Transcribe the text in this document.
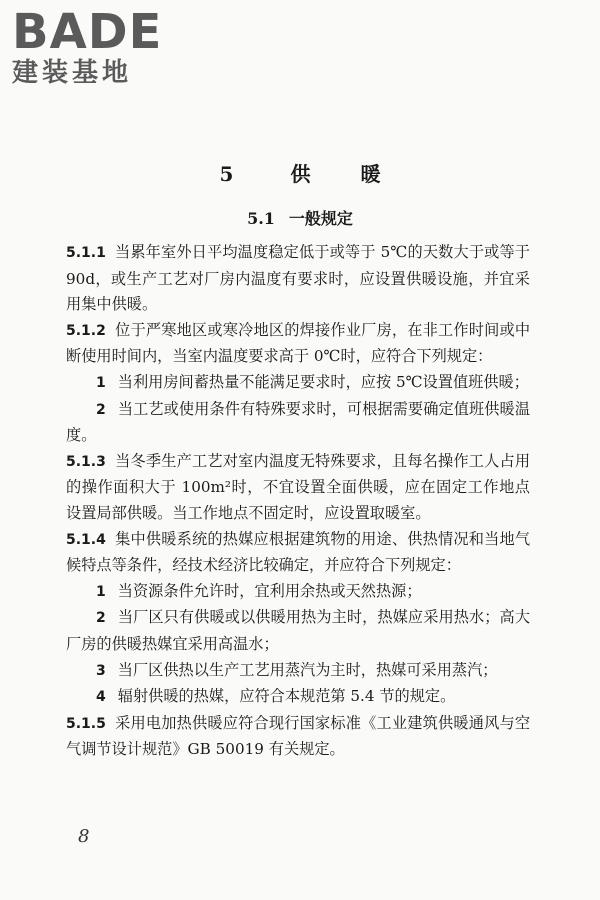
BADE
建装基地
5	供	暖
5.1 一般规定

5.1.1 当累年室外日平均温度稳定低于或等于 5℃的天数大于或等于 90d，或生产工艺对厂房内温度有要求时，应设置供暖设施，并宜采用集中供暖。

5.1.2 位于严寒地区或寒冷地区的焊接作业厂房，在非工作时间或中断使用时间内，当室内温度要求高于 0℃时，应符合下列规定：

1 当利用房间蓄热量不能满足要求时，应按 5℃设置值班供暖；

2 当工艺或使用条件有特殊要求时，可根据需要确定值班供暖温度。

5.1.3 当冬季生产工艺对室内温度无特殊要求，且每名操作工人占用的操作面积大于 100m²时，不宜设置全面供暖，应在固定工作地点设置局部供暖。当工作地点不固定时，应设置取暖室。

5.1.4 集中供暖系统的热媒应根据建筑物的用途、供热情况和当地气候特点等条件，经技术经济比较确定，并应符合下列规定：

1 当资源条件允许时，宜利用余热或天然热源；

2 当厂区只有供暖或以供暖用热为主时，热媒应采用热水；高大厂房的供暖热媒宜采用高温水；

3 当厂区供热以生产工艺用蒸汽为主时，热媒可采用蒸汽；

4 辐射供暖的热媒，应符合本规范第 5.4 节的规定。

5.1.5 采用电加热供暖应符合现行国家标准《工业建筑供暖通风与空气调节设计规范》GB 50019 有关规定。

8
